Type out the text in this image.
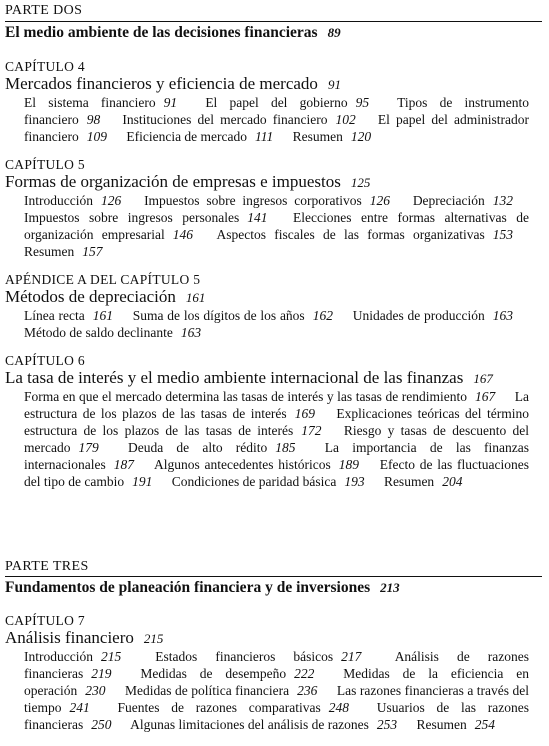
PARTE DOS
El medio ambiente de las decisiones financieras 89
CAPÍTULO 4
Mercados financieros y eficiencia de mercado 91
El sistema financiero 91 El papel del gobierno 95 Tipos de instrumento financiero 98 Instituciones del mercado financiero 102 El papel del administrador financiero 109 Eficiencia de mercado 111 Resumen 120
CAPÍTULO 5
Formas de organización de empresas e impuestos 125
Introducción 126 Impuestos sobre ingresos corporativos 126 Depreciación 132 Impuestos sobre ingresos personales 141 Elecciones entre formas alternativas de organización empresarial 146 Aspectos fiscales de las formas organizativas 153 Resumen 157
APÉNDICE A DEL CAPÍTULO 5
Métodos de depreciación 161
Línea recta 161 Suma de los dígitos de los años 162 Unidades de producción 163 Método de saldo declinante 163
CAPÍTULO 6
La tasa de interés y el medio ambiente internacional de las finanzas 167
Forma en que el mercado determina las tasas de interés y las tasas de rendimiento 167 La estructura de los plazos de las tasas de interés 169 Explicaciones teóricas del término estructura de los plazos de las tasas de interés 172 Riesgo y tasas de descuento del mercado 179 Deuda de alto rédito 185 La importancia de las finanzas internacionales 187 Algunos antecedentes históricos 189 Efecto de las fluctuaciones del tipo de cambio 191 Condiciones de paridad básica 193 Resumen 204
PARTE TRES
Fundamentos de planeación financiera y de inversiones 213
CAPÍTULO 7
Análisis financiero 215
Introducción 215	Estados financieros básicos 217 Análisis de razones financieras 219 Medidas de desempeño 222 Medidas de la eficiencia en operación 230 Medidas de política financiera 236 Las razones financieras a través del tiempo 241 Fuentes de razones comparativas 248 Usuarios de las razones financieras 250 Algunas limitaciones del análisis de razones 253 Resumen 254
